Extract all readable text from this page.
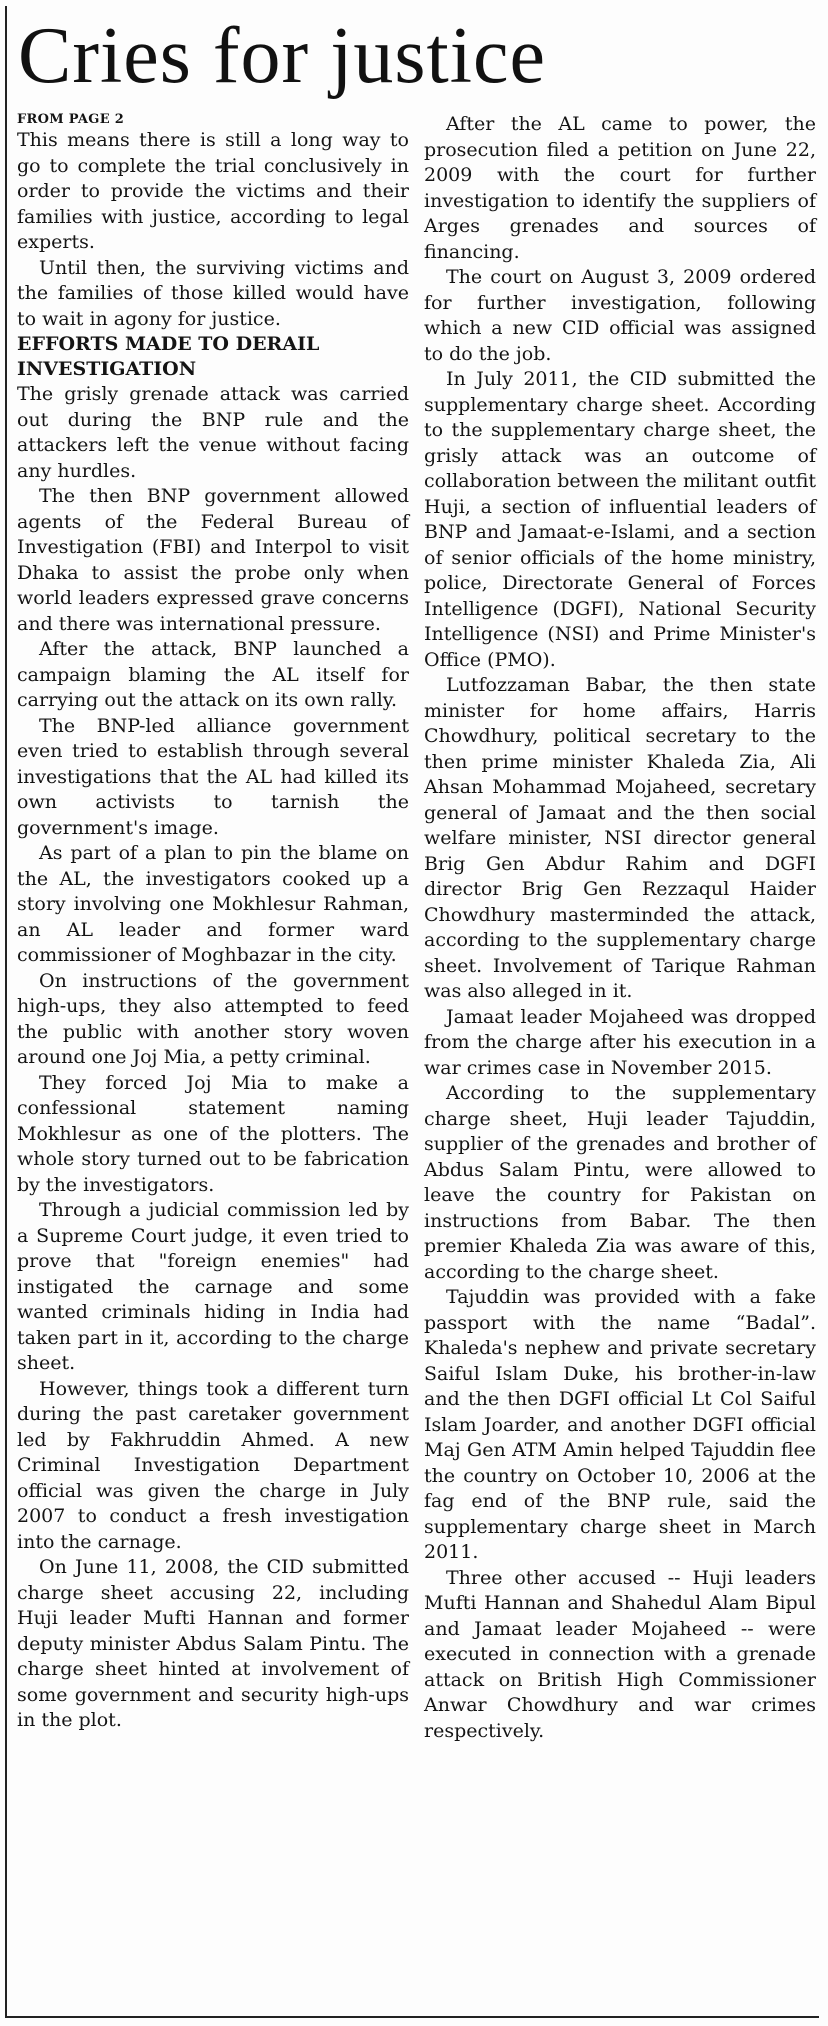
Cries for justice
FROM PAGE 2

This means there is still a long way to go to complete the trial conclusively in order to provide the victims and their families with justice, according to legal experts.

Until then, the surviving victims and the families of those killed would have to wait in agony for justice.

EFFORTS MADE TO DERAIL INVESTIGATION

The grisly grenade attack was carried out during the BNP rule and the attackers left the venue without facing any hurdles.

The then BNP government allowed agents of the Federal Bureau of Investigation (FBI) and Interpol to visit Dhaka to assist the probe only when world leaders expressed grave concerns and there was international pressure.

After the attack, BNP launched a campaign blaming the AL itself for carrying out the attack on its own rally.

The BNP-led alliance government even tried to establish through several investigations that the AL had killed its own activists to tarnish the government's image.

As part of a plan to pin the blame on the AL, the investigators cooked up a story involving one Mokhlesur Rahman, an AL leader and former ward commissioner of Moghbazar in the city.

On instructions of the government high-ups, they also attempted to feed the public with another story woven around one Joj Mia, a petty criminal.

They forced Joj Mia to make a confessional statement naming Mokhlesur as one of the plotters. The whole story turned out to be fabrication by the investigators.

Through a judicial commission led by a Supreme Court judge, it even tried to prove that "foreign enemies" had instigated the carnage and some wanted criminals hiding in India had taken part in it, according to the charge sheet.

However, things took a different turn during the past caretaker government led by Fakhruddin Ahmed. A new Criminal Investigation Department official was given the charge in July 2007 to conduct a fresh investigation into the carnage.

On June 11, 2008, the CID submitted charge sheet accusing 22, including Huji leader Mufti Hannan and former deputy minister Abdus Salam Pintu. The charge sheet hinted at involvement of some government and security high-ups in the plot.

After the AL came to power, the prosecution filed a petition on June 22, 2009 with the court for further investigation to identify the suppliers of Arges grenades and sources of financing.

The court on August 3, 2009 ordered for further investigation, following which a new CID official was assigned to do the job.

In July 2011, the CID submitted the supplementary charge sheet. According to the supplementary charge sheet, the grisly attack was an outcome of collaboration between the militant outfit Huji, a section of influential leaders of BNP and Jamaat-e-Islami, and a section of senior officials of the home ministry, police, Directorate General of Forces Intelligence (DGFI), National Security Intelligence (NSI) and Prime Minister's Office (PMO).

Lutfozzaman Babar, the then state minister for home affairs, Harris Chowdhury, political secretary to the then prime minister Khaleda Zia, Ali Ahsan Mohammad Mojaheed, secretary general of Jamaat and the then social welfare minister, NSI director general Brig Gen Abdur Rahim and DGFI director Brig Gen Rezzaqul Haider Chowdhury masterminded the attack, according to the supplementary charge sheet. Involvement of Tarique Rahman was also alleged in it.

Jamaat leader Mojaheed was dropped from the charge after his execution in a war crimes case in November 2015.

According to the supplementary charge sheet, Huji leader Tajuddin, supplier of the grenades and brother of Abdus Salam Pintu, were allowed to leave the country for Pakistan on instructions from Babar. The then premier Khaleda Zia was aware of this, according to the charge sheet.

Tajuddin was provided with a fake passport with the name “Badal”. Khaleda's nephew and private secretary Saiful Islam Duke, his brother-in-law and the then DGFI official Lt Col Saiful Islam Joarder, and another DGFI official Maj Gen ATM Amin helped Tajuddin flee the country on October 10, 2006 at the fag end of the BNP rule, said the supplementary charge sheet in March 2011.

Three other accused -- Huji leaders Mufti Hannan and Shahedul Alam Bipul and Jamaat leader Mojaheed -- were executed in connection with a grenade attack on British High Commissioner Anwar Chowdhury and war crimes respectively.
